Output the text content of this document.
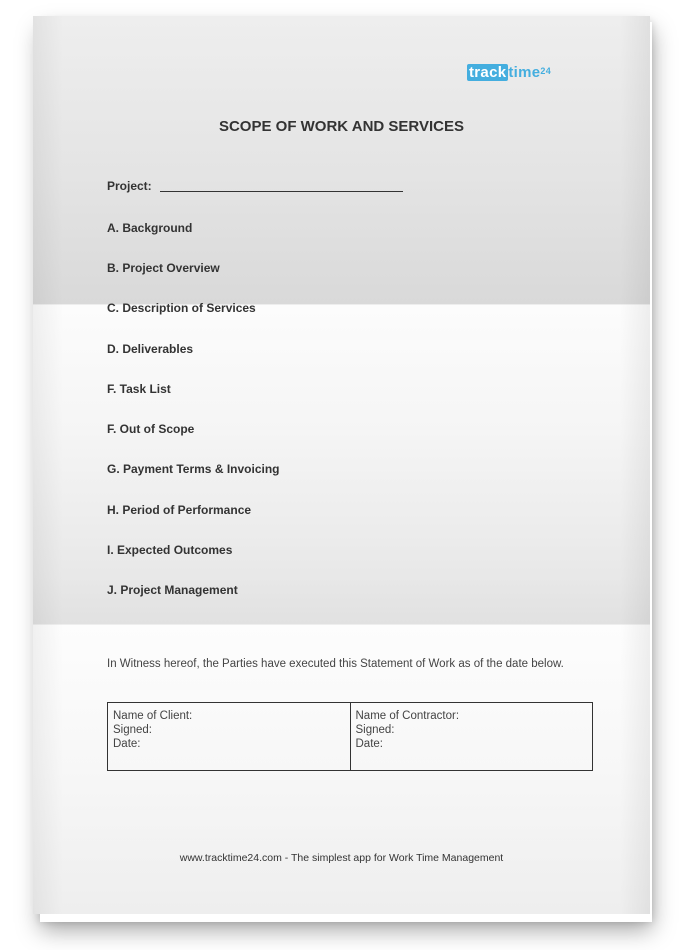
track time$^{24}$
SCOPE OF WORK AND SERVICES
Project:
A. Background
B. Project Overview
C. Description of Services
D. Deliverables
F. Task List
F. Out of Scope
G. Payment Terms & Invoicing
H. Period of Performance
I. Expected Outcomes
J. Project Management
In Witness hereof, the Parties have executed this Statement of Work as of the date below.
Name of Client:
Signed:
Date:
Name of Contractor:
Signed:
Date:
www.tracktime24.com - The simplest app for Work Time Management
